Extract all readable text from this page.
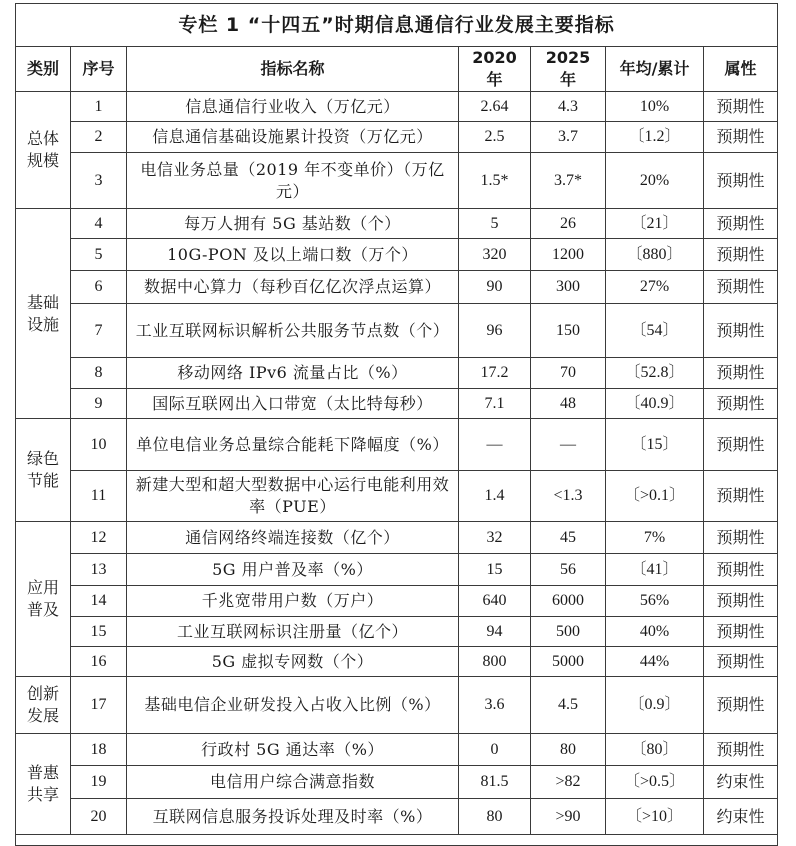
专栏 1 “十四五”时期信息通信行业发展主要指标						
类别	序号	指标名称	2020 年	2025 年	年均/累计	属性

总体
规模	1	信息通信行业收入（万亿元）	2.64	4.3	10%	预期性
	2	信息通信基础设施累计投资（万亿元）	2.5	3.7	〔1.2〕	预期性
	3	电信业务总量（2019 年不变单价）（万亿元）	1.5*	3.7*	20%	预期性

基础
设施	4	每万人拥有 5G 基站数（个）	5	26	〔21〕	预期性
	5	10G-PON 及以上端口数（万个）	320	1200	〔880〕	预期性
	6	数据中心算力（每秒百亿亿次浮点运算）	90	300	27%	预期性
	7	工业互联网标识解析公共服务节点数（个）	96	150	〔54〕	预期性
	8	移动网络 IPv6 流量占比（%）	17.2	70	〔52.8〕	预期性
	9	国际互联网出入口带宽（太比特每秒）	7.1	48	〔40.9〕	预期性

绿色
节能	10	单位电信业务总量综合能耗下降幅度（%）	—	—	〔15〕	预期性
	11	新建大型和超大型数据中心运行电能利用效率（PUE）	1.4	<1.3	〔>0.1〕	预期性

应用
普及	12	通信网络终端连接数（亿个）	32	45	7%	预期性
	13	5G 用户普及率（%）	15	56	〔41〕	预期性
	14	千兆宽带用户数（万户）	640	6000	56%	预期性
	15	工业互联网标识注册量（亿个）	94	500	40%	预期性
	16	5G 虚拟专网数（个）	800	5000	44%	预期性

创新
发展	17	基础电信企业研发投入占收入比例（%）	3.6	4.5	〔0.9〕	预期性

普惠
共享	18	行政村 5G 通达率（%）	0	80	〔80〕	预期性
	19	电信用户综合满意指数	81.5	>82	〔>0.5〕	约束性
	20	互联网信息服务投诉处理及时率（%）	80	>90	〔>10〕	约束性
